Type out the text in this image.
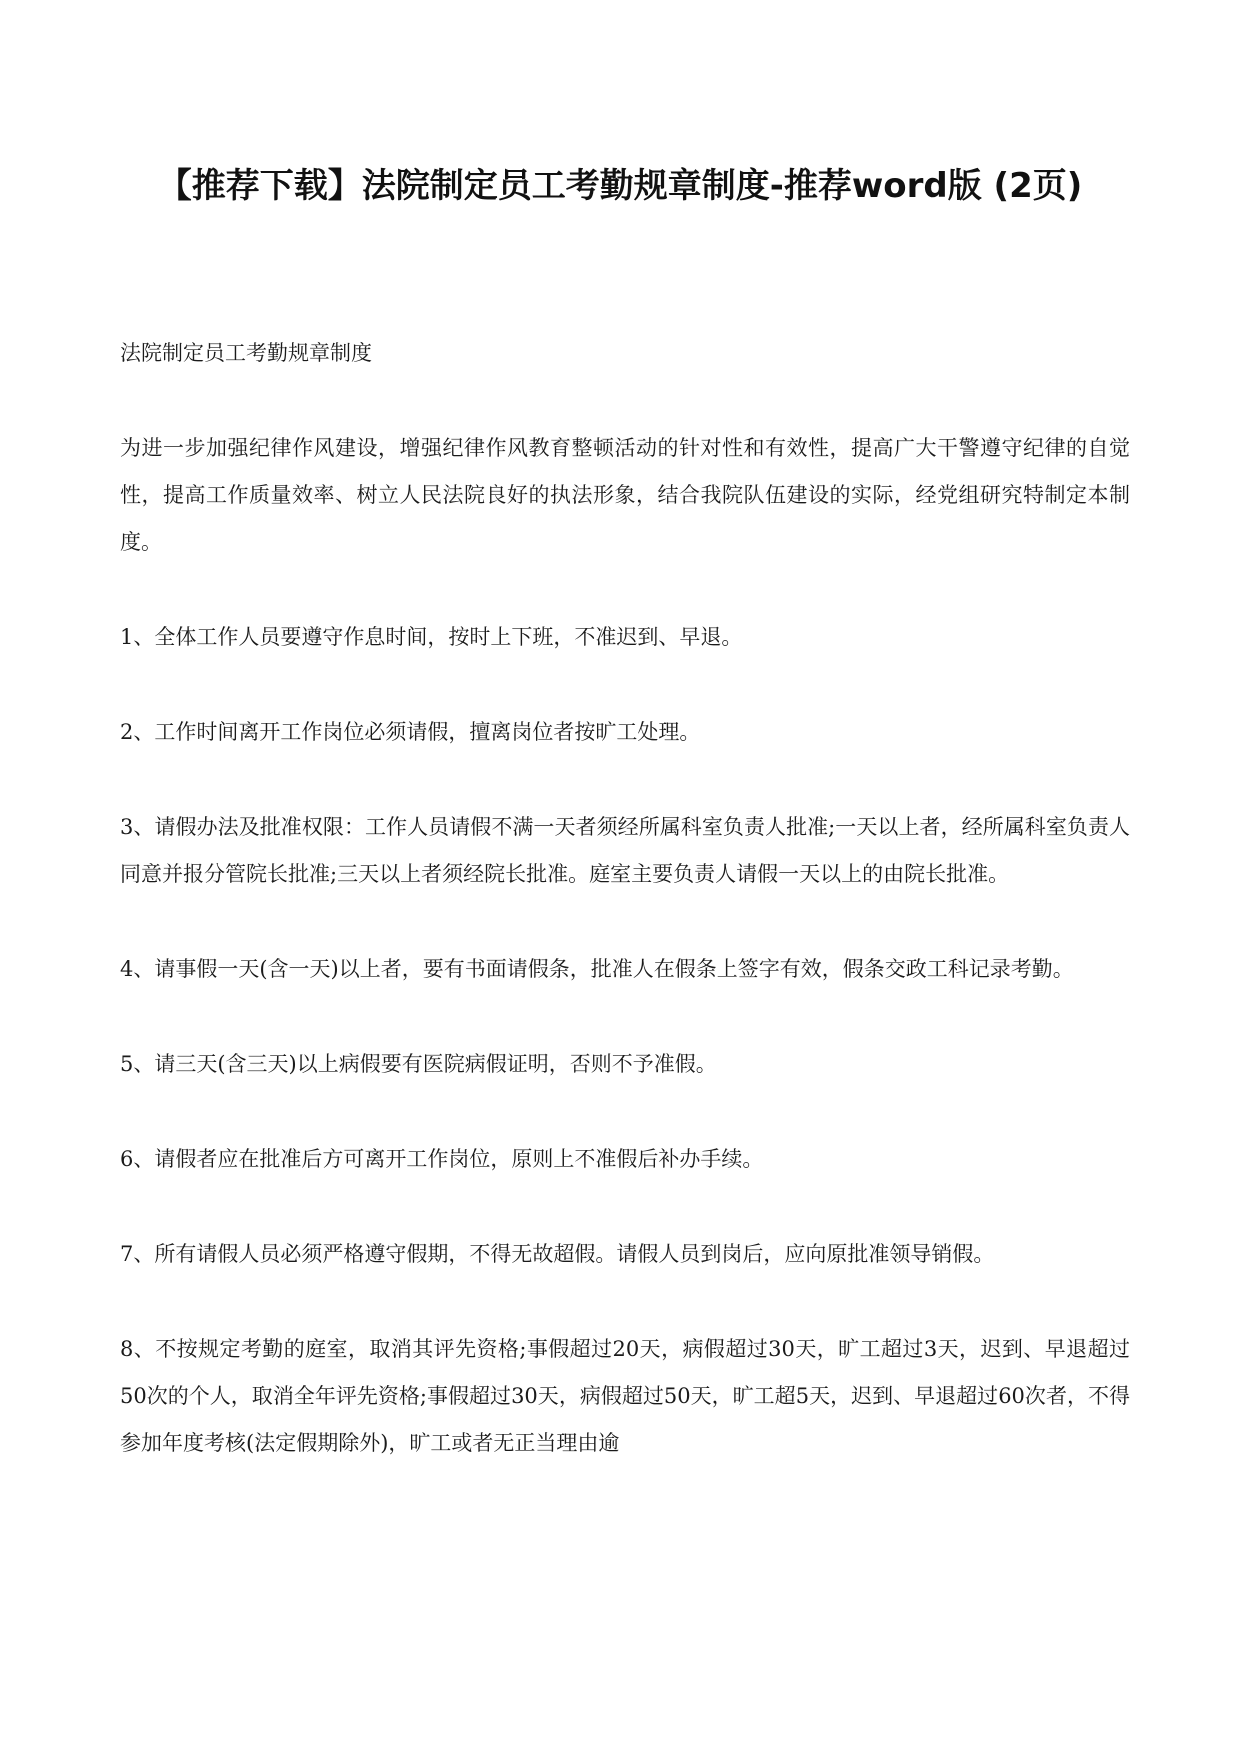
【推荐下载】法院制定员工考勤规章制度-推荐word版 (2页)

法院制定员工考勤规章制度

为进一步加强纪律作风建设，增强纪律作风教育整顿活动的针对性和有效性，提高广大干警遵守纪律的自觉性，提高工作质量效率、树立人民法院良好的执法形象，结合我院队伍建设的实际，经党组研究特制定本制度。

1、全体工作人员要遵守作息时间，按时上下班，不准迟到、早退。

2、工作时间离开工作岗位必须请假，擅离岗位者按旷工处理。

3、请假办法及批准权限：工作人员请假不满一天者须经所属科室负责人批准;一天以上者，经所属科室负责人同意并报分管院长批准;三天以上者须经院长批准。庭室主要负责人请假一天以上的由院长批准。

4、请事假一天(含一天)以上者，要有书面请假条，批准人在假条上签字有效，假条交政工科记录考勤。

5、请三天(含三天)以上病假要有医院病假证明，否则不予准假。

6、请假者应在批准后方可离开工作岗位，原则上不准假后补办手续。

7、所有请假人员必须严格遵守假期，不得无故超假。请假人员到岗后，应向原批准领导销假。

8、不按规定考勤的庭室，取消其评先资格;事假超过20天，病假超过30天，旷工超过3天，迟到、早退超过50次的个人，取消全年评先资格;事假超过30天，病假超过50天，旷工超5天，迟到、早退超过60次者，不得参加年度考核(法定假期除外)，旷工或者无正当理由逾
